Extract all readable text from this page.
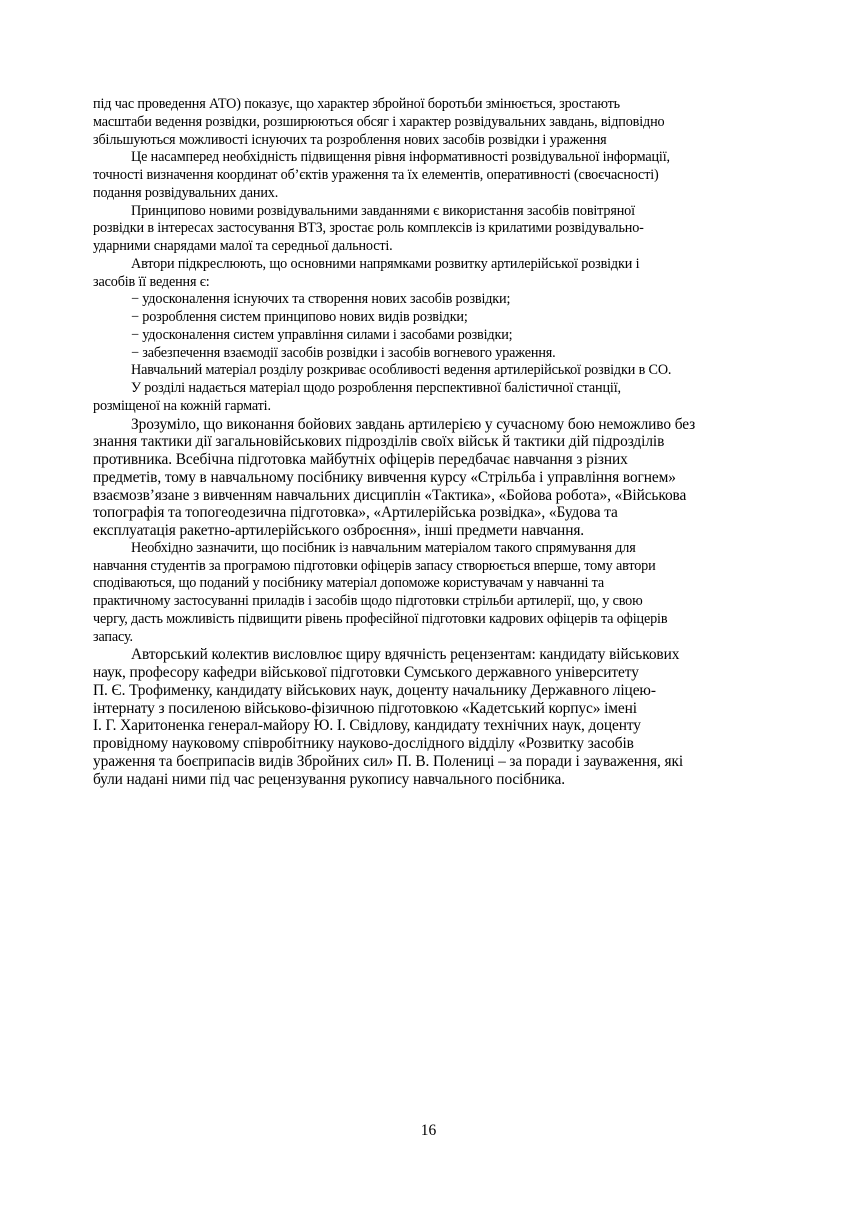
під час проведення АТО) показує, що характер збройної боротьби змінюється, зростають
масштаби ведення розвідки, розширюються обсяг і характер розвідувальних завдань, відповідно
збільшуються можливості існуючих та розроблення нових засобів розвідки і ураження
Це насамперед необхідність підвищення рівня інформативності розвідувальної інформації,
точності визначення координат об’єктів ураження та їх елементів, оперативності (своєчасності)
подання розвідувальних даних.
Принципово новими розвідувальними завданнями є використання засобів повітряної
розвідки в інтересах застосування ВТЗ, зростає роль комплексів із крилатими розвідувально-
ударними снарядами малої та середньої дальності.
Автори підкреслюють, що основними напрямками розвитку артилерійської розвідки і
засобів її ведення є:
− удосконалення існуючих та створення нових засобів розвідки;
− розроблення систем принципово нових видів розвідки;
− удосконалення систем управління силами і засобами розвідки;
− забезпечення взаємодії засобів розвідки і засобів вогневого ураження.
Навчальний матеріал розділу розкриває особливості ведення артилерійської розвідки в СО.
У розділі надається матеріал щодо розроблення перспективної балістичної станції,
розміщеної на кожній гарматі.
Зрозуміло, що виконання бойових завдань артилерією у сучасному бою неможливо без
знання тактики дії загальновійськових підрозділів своїх військ й тактики дій підрозділів
противника. Всебічна підготовка майбутніх офіцерів передбачає навчання з різних
предметів, тому в навчальному посібнику вивчення курсу «Стрільба і управління вогнем»
взаємозв’язане з вивченням навчальних дисциплін «Тактика», «Бойова робота», «Військова
топографія та топогеодезична підготовка», «Артилерійська розвідка», «Будова та
експлуатація ракетно-артилерійського озброєння», інші предмети навчання.
Необхідно зазначити, що посібник із навчальним матеріалом такого спрямування для
навчання студентів за програмою підготовки офіцерів запасу створюється вперше, тому автори
сподіваються, що поданий у посібнику матеріал допоможе користувачам у навчанні та
практичному застосуванні приладів і засобів щодо підготовки стрільби артилерії, що, у свою
чергу, дасть можливість підвищити рівень професійної підготовки кадрових офіцерів та офіцерів
запасу.
Авторський колектив висловлює щиру вдячність рецензентам: кандидату військових
наук, професору кафедри військової підготовки Сумського державного університету
П. Є. Трофименку, кандидату військових наук, доценту начальнику Державного ліцею-
інтернату з посиленою військово-фізичною підготовкою «Кадетський корпус» імені
І. Г. Харитоненка генерал-майору Ю. І. Свідлову, кандидату технічних наук, доценту
провідному науковому співробітнику науково-дослідного відділу «Розвитку засобів
ураження та боєприпасів видів Збройних сил» П. В. Полениці – за поради і зауваження, які
були надані ними під час рецензування рукопису навчального посібника.
16
